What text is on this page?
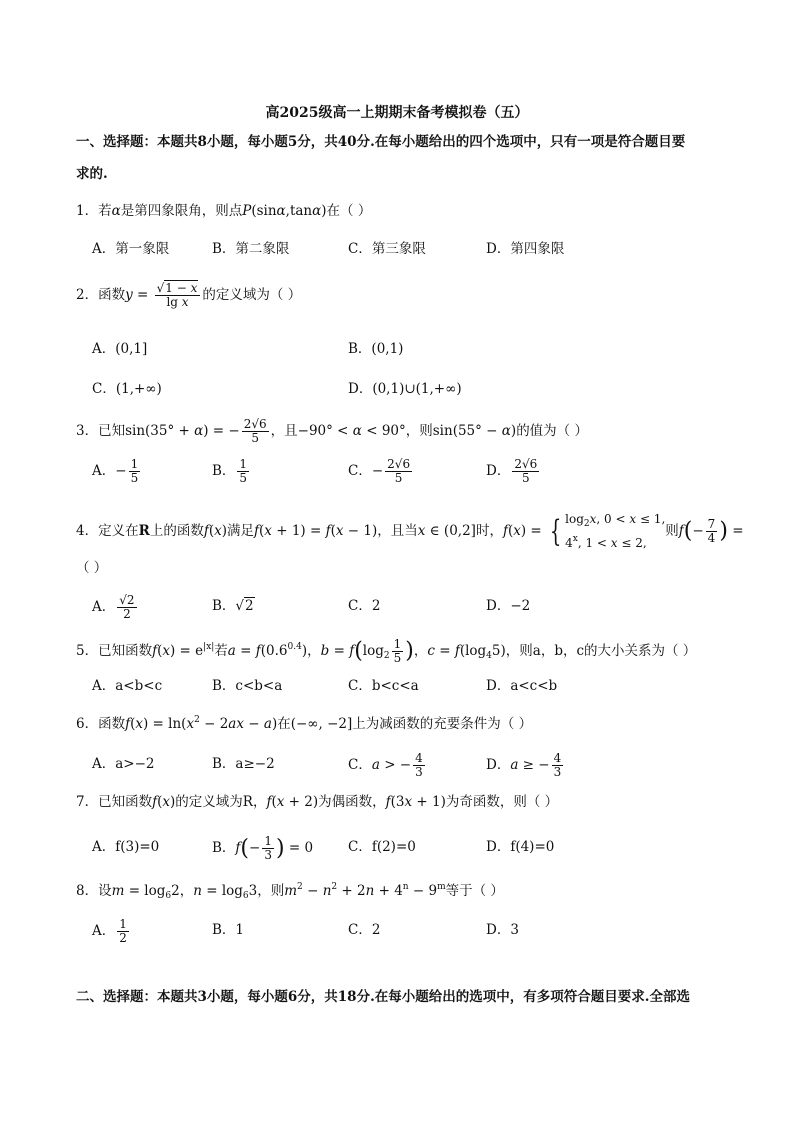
高2025级高一上期期末备考模拟卷（五）
一、选择题：本题共8小题，每小题5分，共40分.在每小题给出的四个选项中，只有一项是符合题目要
求的.
1．若α是第四象限角，则点P(sinα,tanα)在（ ）
A．第一象限	B．第二象限	C．第三象限	D．第四象限
2．函数$y = \frac{√1 - x}{\text{lg x}}$ 的定义域为（ ）
A．(0,1]	B．(0,1)
C．(1,+∞)	D．(0,1)∪(1,+∞)
3．已知sin(35° + α) = − $\frac{2√6}{5}$ ，且−90° < α < 90°，则sin(55° − α)的值为（ ）
A．− $\frac{1}{5}$	B． $\frac{1}{5}$	C．− $\frac{2√6}{5}$	D． $\frac{2√6}{5}$
4．定义在R上的函数f(x)满足f(x + 1) = f(x − 1)，且当x ∈ (0,2]时，f(x) = { $\log_2x$, 0 < x ≤ 1,
4$^x$, 1 < x ≤ 2,
则$f(- \frac{7}{4}$ ) =
（ ）
A． $\frac{√2}{2}$	B．√2	C．2	D．−2
5．已知函数$f(x) = e^{|x|}$若$a = f(0.6^{0.4})$，$b = f(\log_2 \frac{1}{5}$ )，$c = f(\log_45)$，则a，b，c的大小关系为（ ）
A．a<b<c	B．c<b<a	C．b<c<a	D．a<c<b
6．函数$f(x) = \ln(x^2 - 2ax - a)$在(−∞, −2]上为减函数的充要条件为（ ）
A．a>−2	B．a≥−2	C．a > − $\frac{4}{3}$	D．a ≥ − $\frac{4}{3}$
7．已知函数f(x)的定义域为R，f(x + 2)为偶函数，f(3x + 1)为奇函数，则（ ）
A．f(3)=0	B．$f(- \frac{1}{3}$ ) = 0	C．f(2)=0	D．f(4)=0
8．设$m = \log_62$，$n = \log_63$，则$m^2 - n^2 + 2n + 4^n - 9^m$等于（ ）
A． $\frac{1}{2}$	B．1	C．2	D．3
二、选择题：本题共3小题，每小题6分，共18分.在每小题给出的选项中，有多项符合题目要求.全部选
